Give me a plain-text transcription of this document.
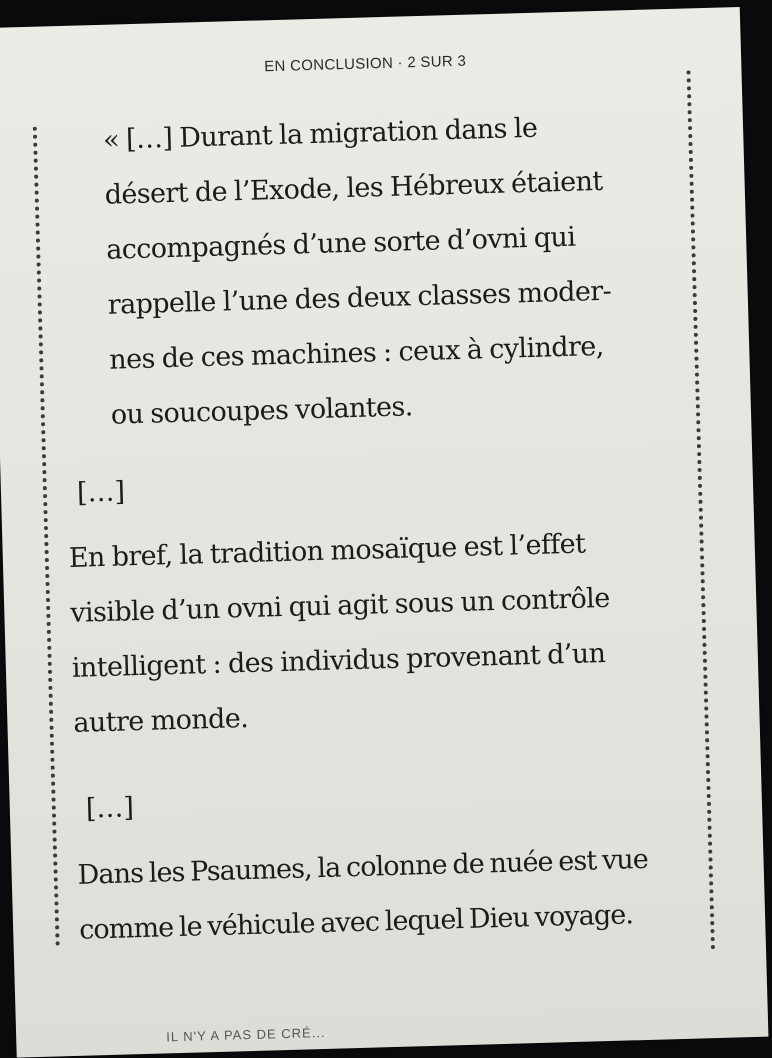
EN CONCLUSION · 2 SUR 3
« […] Durant la migration dans le
désert de l’Exode, les Hébreux étaient
accompagnés d’une sorte d’ovni qui
rappelle l’une des deux classes moder-
nes de ces machines : ceux à cylindre,
ou soucoupes volantes.
[…]
En bref, la tradition mosaïque est l’effet
visible d’un ovni qui agit sous un contrôle
intelligent : des individus provenant d’un
autre monde.
[…]
Dans les Psaumes, la colonne de nuée est vue
comme le véhicule avec lequel Dieu voyage.
IL N'Y A PAS DE CRÉ...
